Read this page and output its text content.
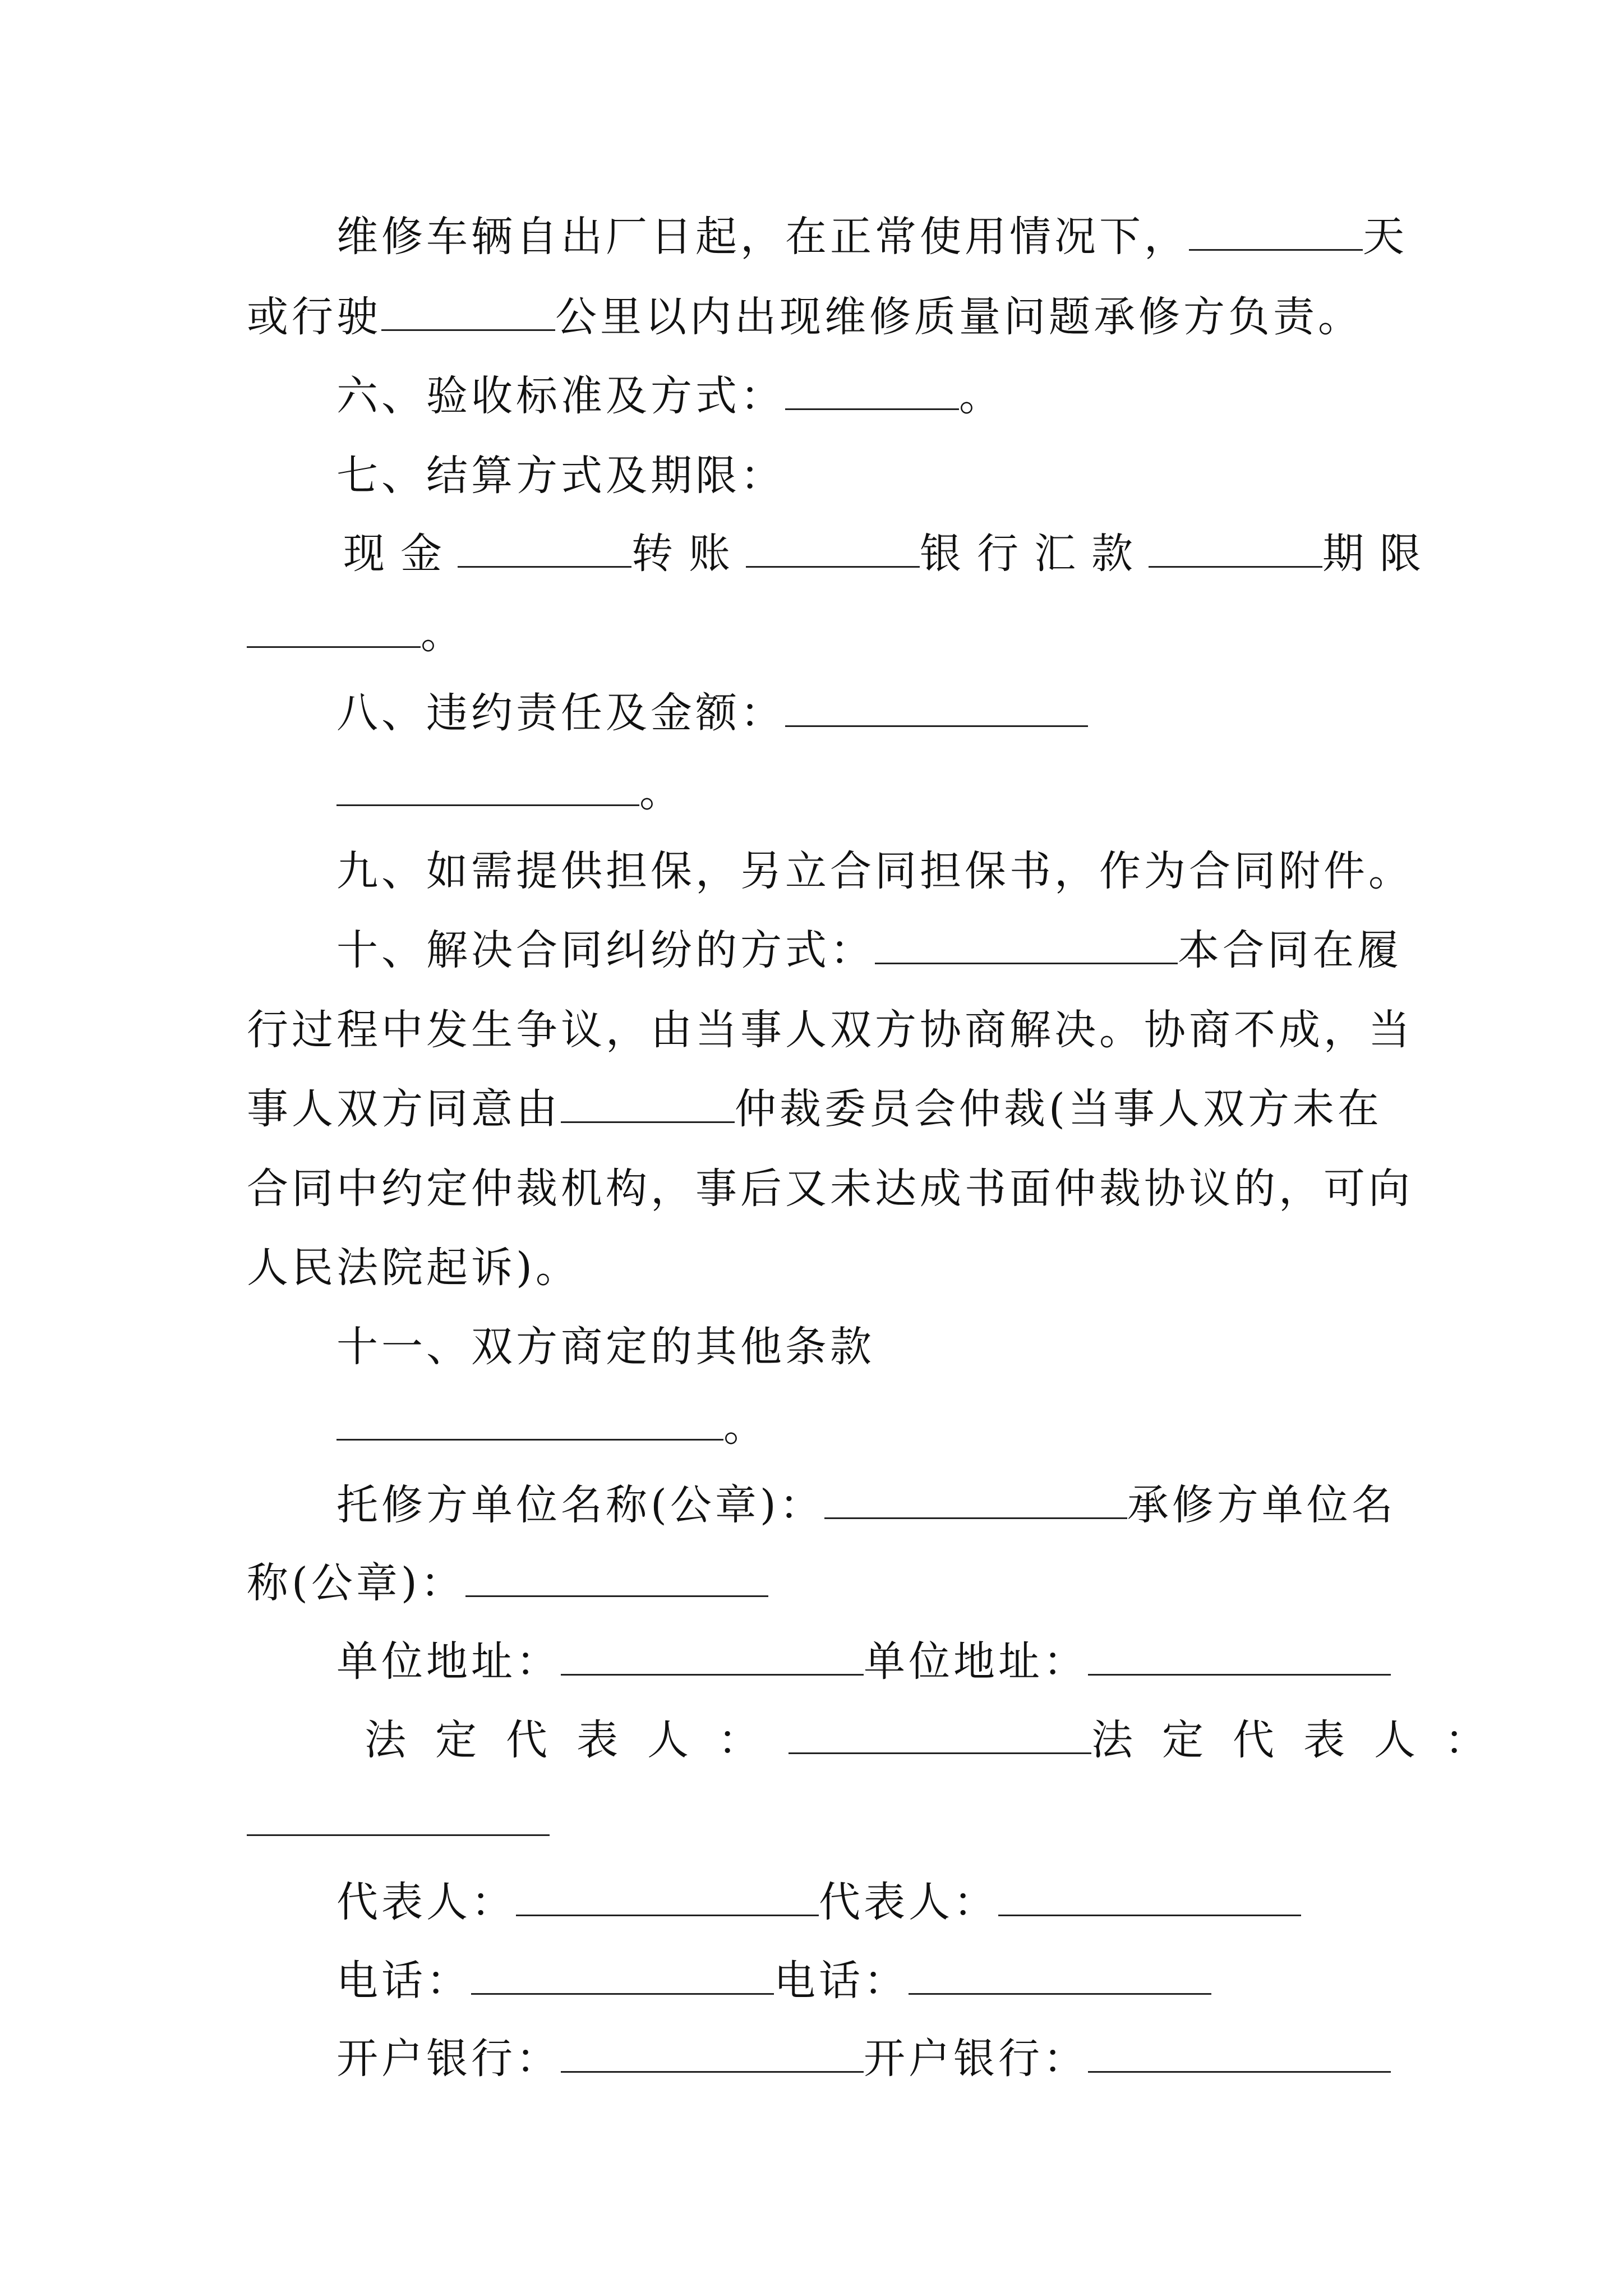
维修车辆自出厂日起，在正常使用情况下，	天
或行驶	公里以内出现维修质量问题承修方负责。
六、验收标准及方式：	。
七、结算方式及期限：
现金	转账	银行汇款	期限
。
八、违约责任及金额：
。
九、如需提供担保，另立合同担保书，作为合同附件。
十、解决合同纠纷的方式：	本合同在履
行过程中发生争议，由当事人双方协商解决。协商不成，当
事人双方同意由	仲裁委员会仲裁(当事人双方未在
合同中约定仲裁机构，事后又未达成书面仲裁协议的，可向
人民法院起诉)。
十一、双方商定的其他条款
。
托修方单位名称(公章)：	承修方单位名
称(公章)：
单位地址：	单位地址：
法定代表人：	法定代表人：
代表人：	代表人：
电话：	电话：
开户银行：	开户银行：
